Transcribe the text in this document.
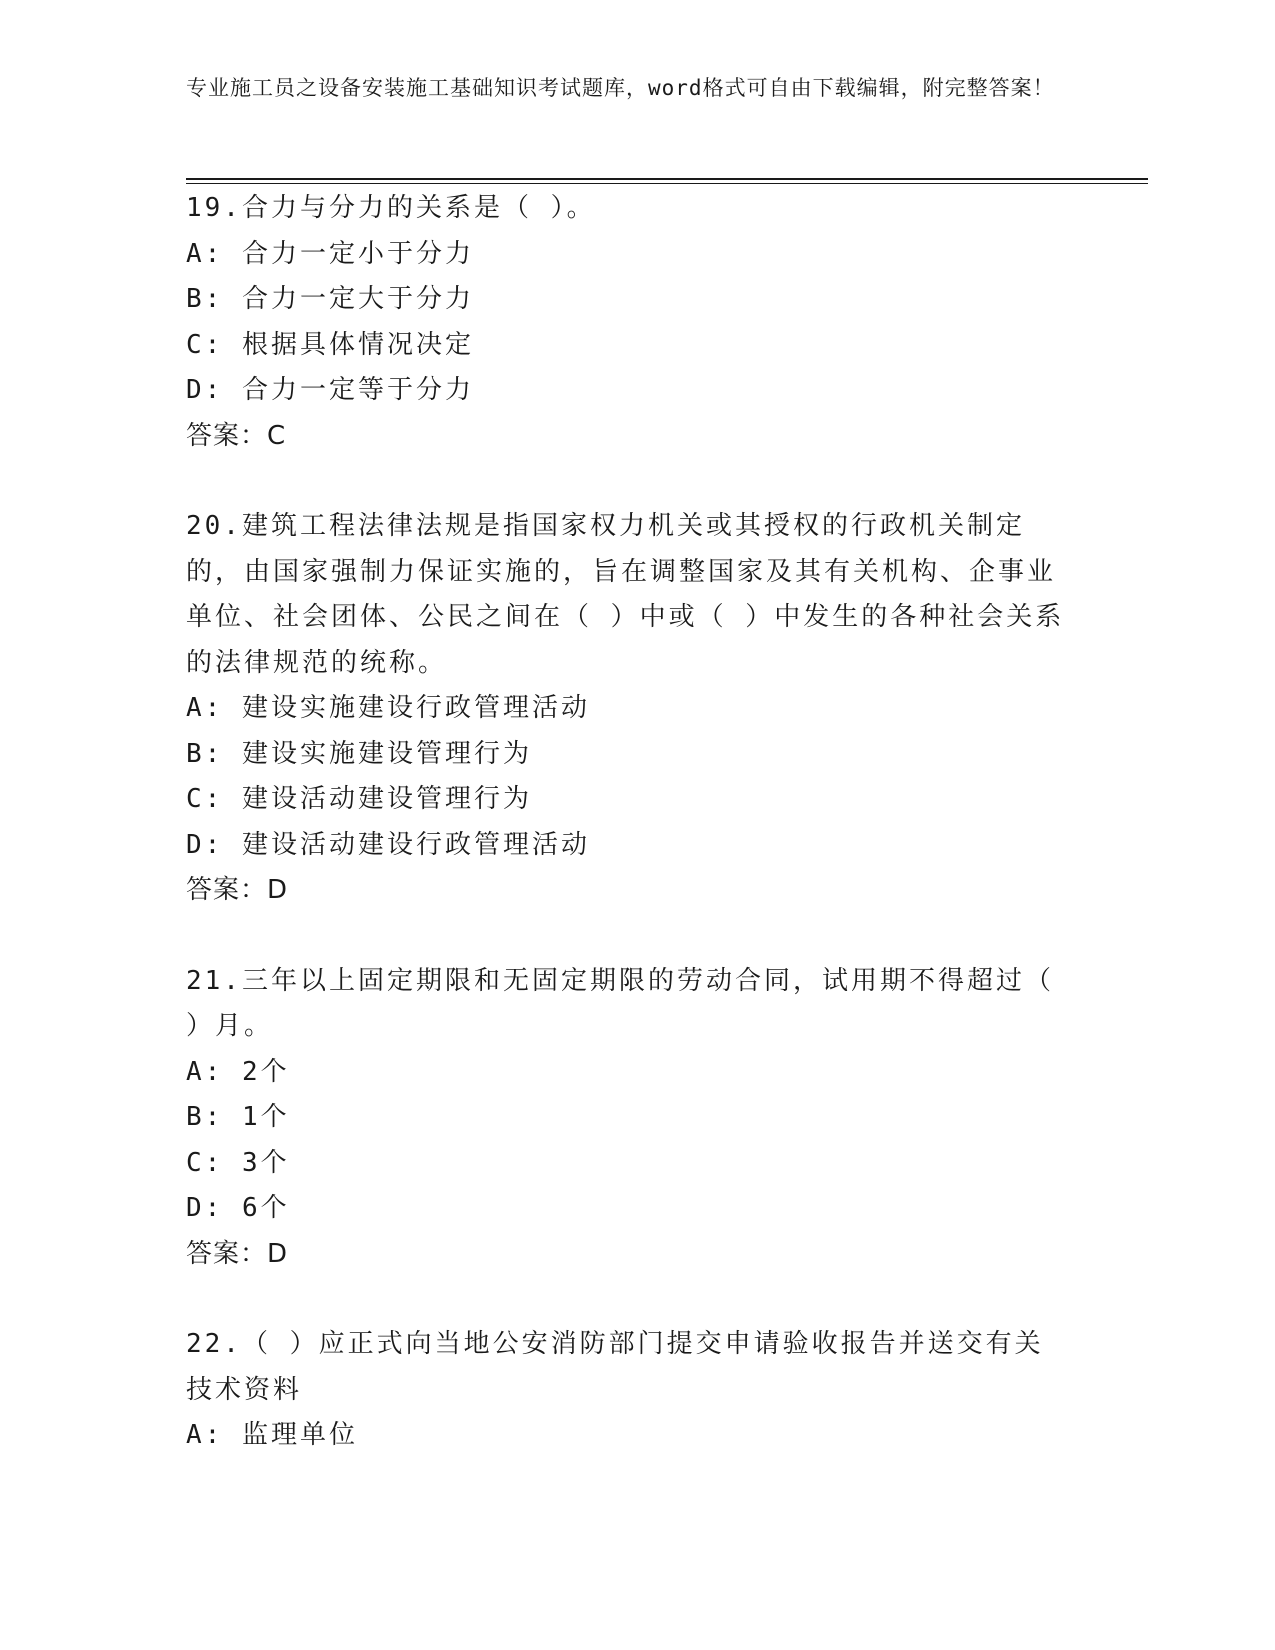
专业施工员之设备安装施工基础知识考试题库，word格式可自由下载编辑，附完整答案！
19.合力与分力的关系是（ ）。
A: 合力一定小于分力
B: 合力一定大于分力
C: 根据具体情况决定
D: 合力一定等于分力
答案：C
20.建筑工程法律法规是指国家权力机关或其授权的行政机关制定的，由国家强制力保证实施的，旨在调整国家及其有关机构、企事业单位、社会团体、公民之间在（ ）中或（ ）中发生的各种社会关系的法律规范的统称。
A: 建设实施建设行政管理活动
B: 建设实施建设管理行为
C: 建设活动建设管理行为
D: 建设活动建设行政管理活动
答案：D
21.三年以上固定期限和无固定期限的劳动合同，试用期不得超过（ ）月。
A: 2个
B: 1个
C: 3个
D: 6个
答案：D
22.（ ）应正式向当地公安消防部门提交申请验收报告并送交有关技术资料
A: 监理单位
